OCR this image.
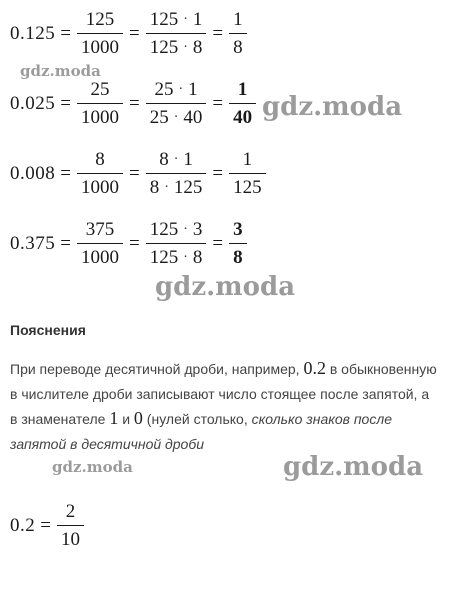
$0.125 = \frac{125}{1000} = \frac{125 \cdot 1}{125 \cdot 8} = \frac{1}{8}$
$0.025 = \frac{25}{1000} = \frac{25 \cdot 1}{25 \cdot 40} = \frac{1}{40}$
$0.008 = \frac{8}{1000} = \frac{8 \cdot 1}{8 \cdot 125} = \frac{1}{125}$
$0.375 = \frac{375}{1000} = \frac{125 \cdot 3}{125 \cdot 8} = \frac{3}{8}$
gdz.moda
gdz.moda
gdz.moda
gdz.moda	gdz.moda
Пояснения
При переводе десятичной дроби, например, 0.2 в обыкновенную в числителе дроби записывают число стоящее после запятой, а в знаменателе 1 и 0 (нулей столько, сколько знаков после запятой в десятичной дроби
$0.2 = \frac{2}{10}$
